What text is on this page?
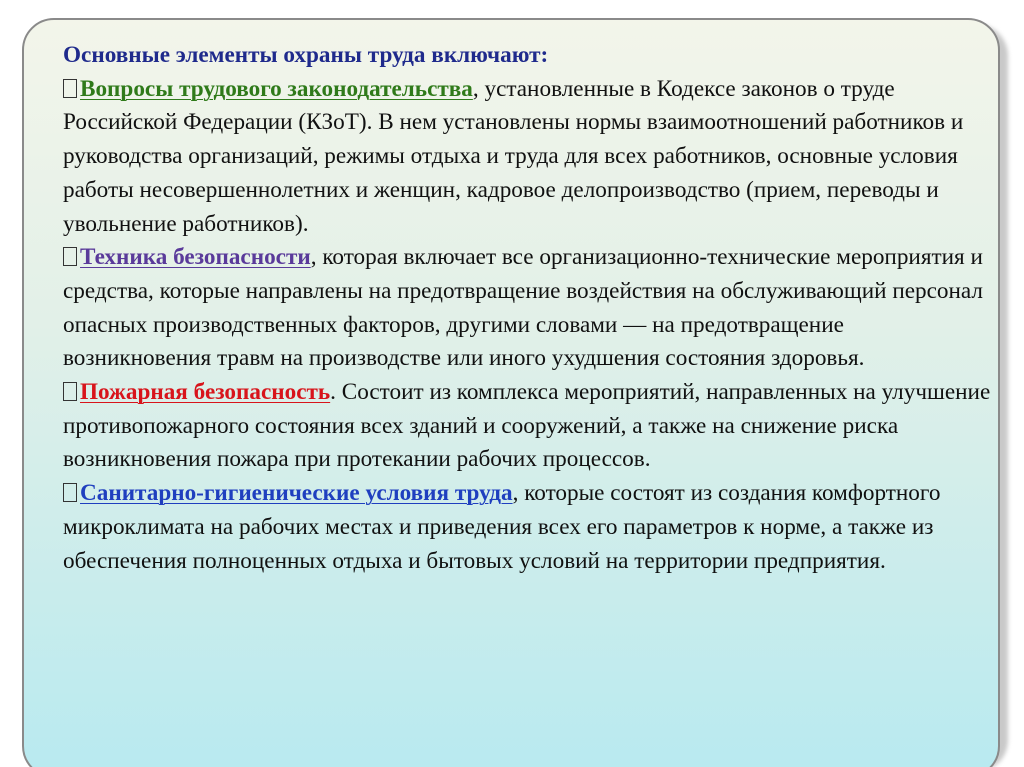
Основные элементы охраны труда включают:

Вопросы трудового законодательства, установленные в Кодексе законов о труде Российской Федерации (КЗоТ). В нем установлены нормы взаимоотношений работников и руководства организаций, режимы отдыха и труда для всех работников, основные условия работы несовершеннолетних и женщин, кадровое делопроизводство (прием, переводы и увольнение работников).

Техника безопасности, которая включает все организационно-технические мероприятия и средства, которые направлены на предотвращение воздействия на обслуживающий персонал опасных производственных факторов, другими словами — на предотвращение возникновения травм на производстве или иного ухудшения состояния здоровья.

Пожарная безопасность. Состоит из комплекса мероприятий, направленных на улучшение противопожарного состояния всех зданий и сооружений, а также на снижение риска возникновения пожара при протекании рабочих процессов.

Санитарно-гигиенические условия труда, которые состоят из создания комфортного микроклимата на рабочих местах и приведения всех его параметров к норме, а также из обеспечения полноценных отдыха и бытовых условий на территории предприятия.
